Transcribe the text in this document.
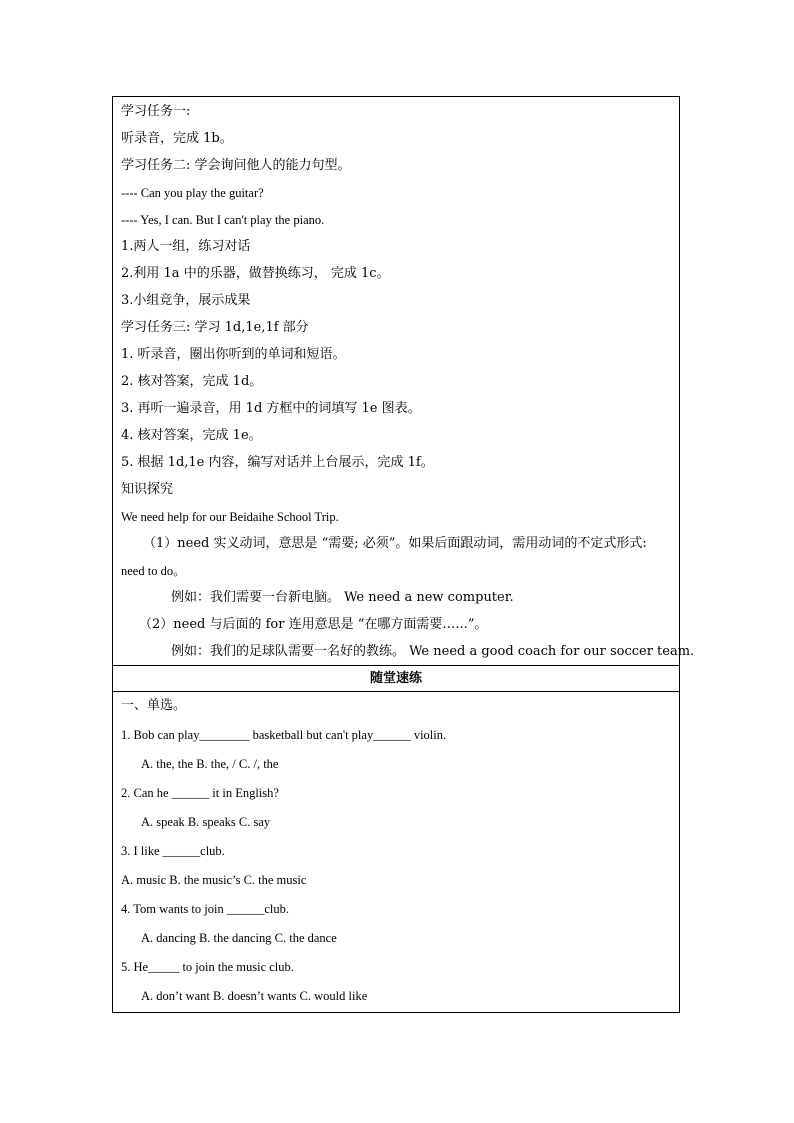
学习任务一:
听录音，完成 1b。
学习任务二: 学会询问他人的能力句型。
---- Can you play the guitar?
---- Yes, I can. But I can't play the piano.
1.两人一组，练习对话
2.利用 1a 中的乐器，做替换练习， 完成 1c。
3.小组竞争，展示成果
学习任务三: 学习 1d,1e,1f 部分
1. 听录音，圈出你听到的单词和短语。
2. 核对答案，完成 1d。
3. 再听一遍录音，用 1d 方框中的词填写 1e 图表。
4. 核对答案，完成 1e。
5. 根据 1d,1e 内容，编写对话并上台展示，完成 1f。
知识探究
We need help for our Beidaihe School Trip.
（1）need 实义动词，意思是 “需要; 必须”。如果后面跟动词，需用动词的不定式形式:
need to do。
例如：我们需要一台新电脑。 We need a new computer.
（2）need 与后面的 for 连用意思是 “在哪方面需要…...”。
例如：我们的足球队需要一名好的教练。 We need a good coach for our soccer team.
随堂速练
一、单选。
1. Bob can play________ basketball but can't play______ violin.
A. the, the B. the, / C. /, the
2. Can he ______ it in English?
A. speak B. speaks C. say
3. I like ______club.
A. music B. the music’s C. the music
4. Tom wants to join ______club.
A. dancing B. the dancing C. the dance
5. He_____ to join the music club.
A. don’t want B. doesn’t wants C. would like
